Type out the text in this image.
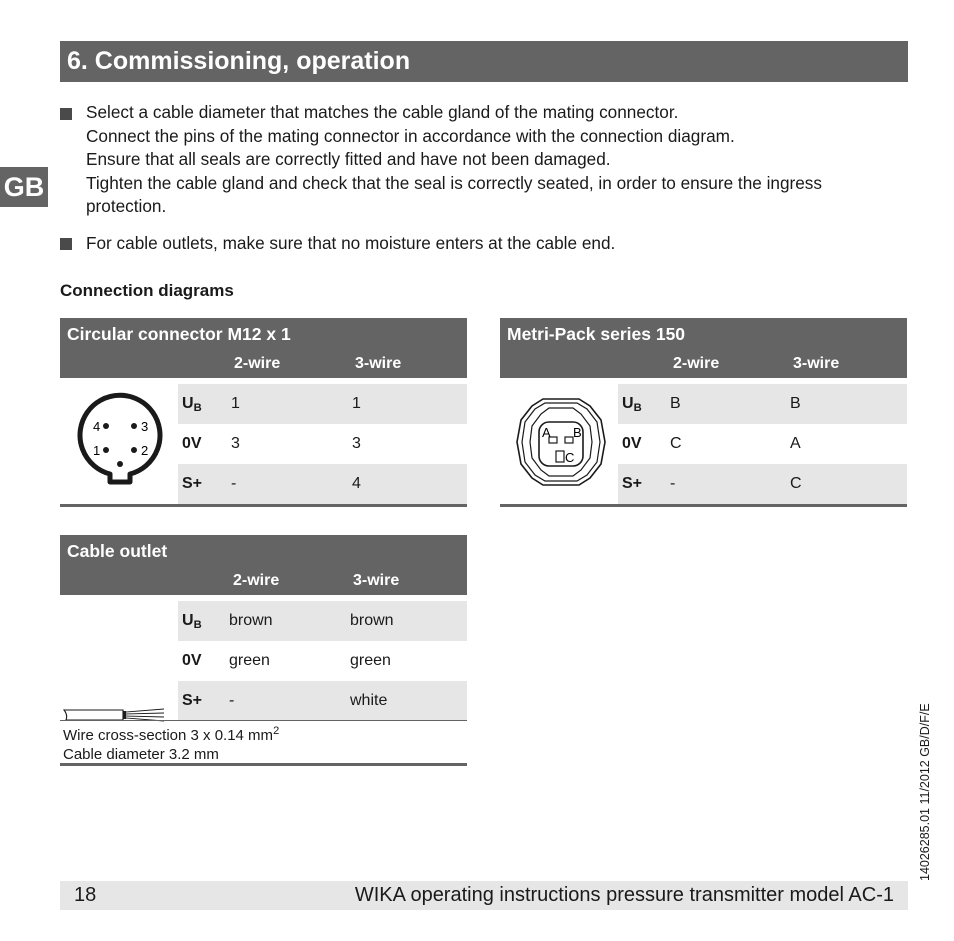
6. Commissioning, operation
GB
Select a cable diameter that matches the cable gland of the mating connector.
Connect the pins of the mating connector in accordance with the connection diagram.
Ensure that all seals are correctly fitted and have not been damaged.
Tighten the cable gland and check that the seal is correctly seated, in order to ensure the ingress
protection.
For cable outlets, make sure that no moisture enters at the cable end.
Connection diagrams
Circular connector M12 x 1
2-wire	3-wire
4	3
1	2
UB 1	1
0V 3	3
S+ -	4
Metri-Pack series 150
2-wire	3-wire
A B
C
UB B	B
0V C	A
S+ -	C
Cable outlet
2-wire	3-wire
UB brown	brown
0V green	green
S+ -	white
Wire cross-section 3 x 0.14 $mm^2$
Cable diameter 3.2 mm
18	WIKA operating instructions pressure transmitter model AC-1
14026285.01 11/2012 GB/D/F/E
